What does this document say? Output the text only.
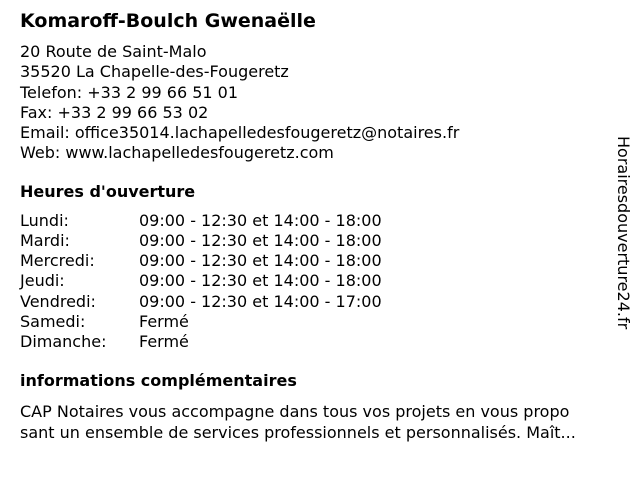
Komaroff-Boulch Gwenaëlle
20 Route de Saint-Malo
35520 La Chapelle-des-Fougeretz
Telefon: +33 2 99 66 51 01
Fax: +33 2 99 66 53 02
Email: office35014.lachapelledesfougeretz@notaires.fr
Web: www.lachapelledesfougeretz.com
Heures d'ouverture
Lundi:	09:00 - 12:30 et 14:00 - 18:00
Mardi:	09:00 - 12:30 et 14:00 - 18:00
Mercredi:	09:00 - 12:30 et 14:00 - 18:00
Jeudi:	09:00 - 12:30 et 14:00 - 18:00
Vendredi:	09:00 - 12:30 et 14:00 - 17:00
Samedi:	Fermé
Dimanche:	Fermé
informations complémentaires
CAP Notaires vous accompagne dans tous vos projets en vous propo
sant un ensemble de services professionnels et personnalisés. Maît...
Horairesdouverture24.fr
